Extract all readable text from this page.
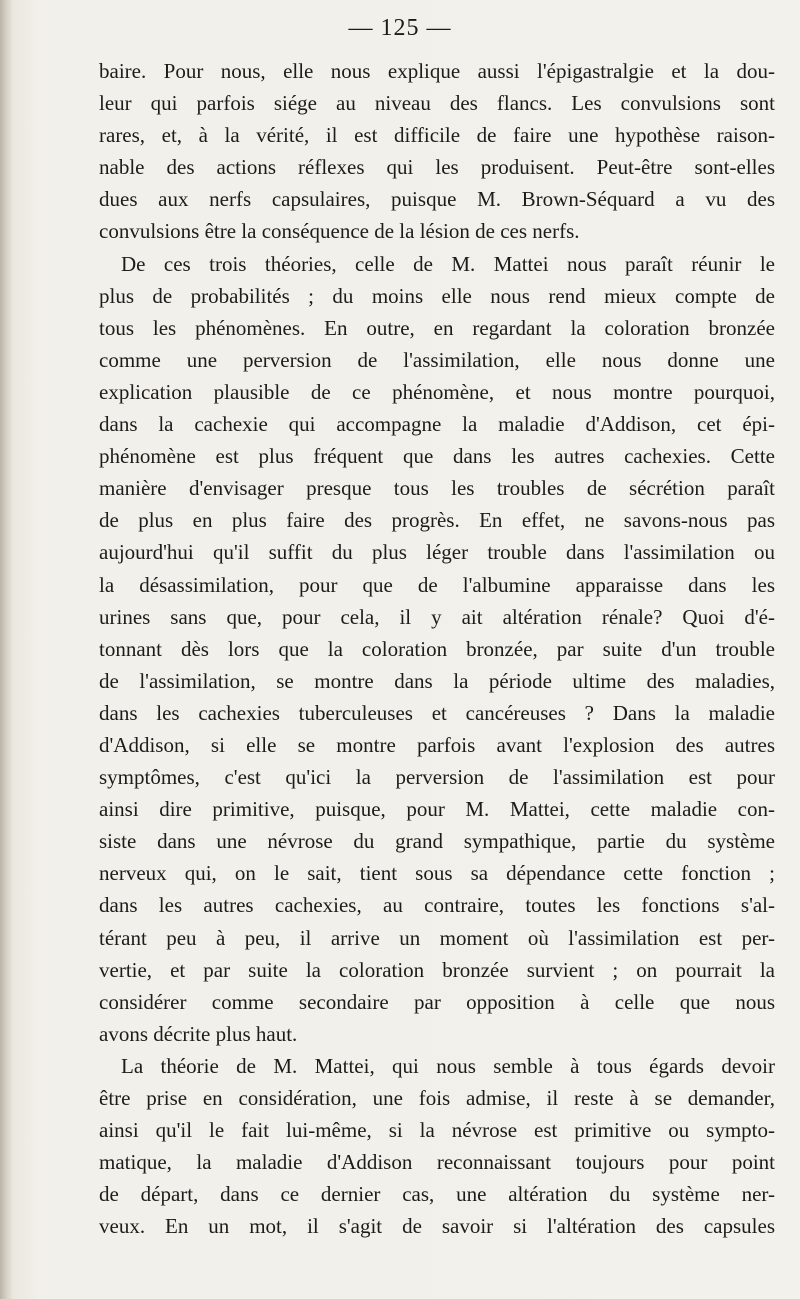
— 125 —
baire. Pour nous, elle nous explique aussi l'épigastralgie et la dou-
leur qui parfois siége au niveau des flancs. Les convulsions sont
rares, et, à la vérité, il est difficile de faire une hypothèse raison-
nable des actions réflexes qui les produisent. Peut-être sont-elles
dues aux nerfs capsulaires, puisque M. Brown-Séquard a vu des
convulsions être la conséquence de la lésion de ces nerfs.
De ces trois théories, celle de M. Mattei nous paraît réunir le
plus de probabilités ; du moins elle nous rend mieux compte de
tous les phénomènes. En outre, en regardant la coloration bronzée
comme une perversion de l'assimilation, elle nous donne une
explication plausible de ce phénomène, et nous montre pourquoi,
dans la cachexie qui accompagne la maladie d'Addison, cet épi-
phénomène est plus fréquent que dans les autres cachexies. Cette
manière d'envisager presque tous les troubles de sécrétion paraît
de plus en plus faire des progrès. En effet, ne savons-nous pas
aujourd'hui qu'il suffit du plus léger trouble dans l'assimilation ou
la désassimilation, pour que de l'albumine apparaisse dans les
urines sans que, pour cela, il y ait altération rénale? Quoi d'é-
tonnant dès lors que la coloration bronzée, par suite d'un trouble
de l'assimilation, se montre dans la période ultime des maladies,
dans les cachexies tuberculeuses et cancéreuses ? Dans la maladie
d'Addison, si elle se montre parfois avant l'explosion des autres
symptômes, c'est qu'ici la perversion de l'assimilation est pour
ainsi dire primitive, puisque, pour M. Mattei, cette maladie con-
siste dans une névrose du grand sympathique, partie du système
nerveux qui, on le sait, tient sous sa dépendance cette fonction ;
dans les autres cachexies, au contraire, toutes les fonctions s'al-
térant peu à peu, il arrive un moment où l'assimilation est per-
vertie, et par suite la coloration bronzée survient ; on pourrait la
considérer comme secondaire par opposition à celle que nous
avons décrite plus haut.
La théorie de M. Mattei, qui nous semble à tous égards devoir
être prise en considération, une fois admise, il reste à se demander,
ainsi qu'il le fait lui-même, si la névrose est primitive ou sympto-
matique, la maladie d'Addison reconnaissant toujours pour point
de départ, dans ce dernier cas, une altération du système ner-
veux. En un mot, il s'agit de savoir si l'altération des capsules
